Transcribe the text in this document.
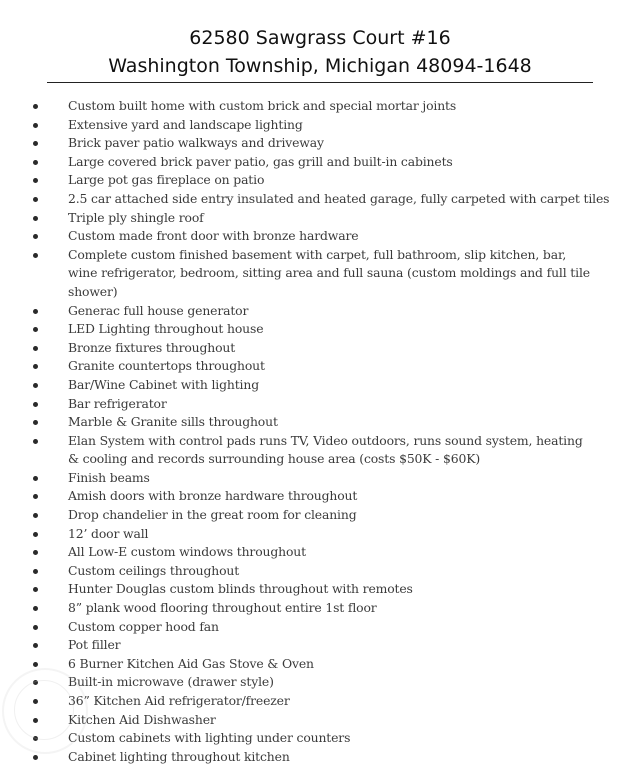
62580 Sawgrass Court #16
Washington Township, Michigan 48094-1648
Custom built home with custom brick and special mortar joints
Extensive yard and landscape lighting
Brick paver patio walkways and driveway
Large covered brick paver patio, gas grill and built-in cabinets
Large pot gas fireplace on patio
2.5 car attached side entry insulated and heated garage, fully carpeted with carpet tiles
Triple ply shingle roof
Custom made front door with bronze hardware
Complete custom finished basement with carpet, full bathroom, slip kitchen, bar, wine refrigerator, bedroom, sitting area and full sauna (custom moldings and full tile shower)
Generac full house generator
LED Lighting throughout house
Bronze fixtures throughout
Granite countertops throughout
Bar/Wine Cabinet with lighting
Bar refrigerator
Marble & Granite sills throughout
Elan System with control pads runs TV, Video outdoors, runs sound system, heating & cooling and records surrounding house area (costs $50K - $60K)
Finish beams
Amish doors with bronze hardware throughout
Drop chandelier in the great room for cleaning
12’ door wall
All Low-E custom windows throughout
Custom ceilings throughout
Hunter Douglas custom blinds throughout with remotes
8” plank wood flooring throughout entire 1st floor
Custom copper hood fan
Pot filler
6 Burner Kitchen Aid Gas Stove & Oven
Built-in microwave (drawer style)
36” Kitchen Aid refrigerator/freezer
Kitchen Aid Dishwasher
Custom cabinets with lighting under counters
Cabinet lighting throughout kitchen
